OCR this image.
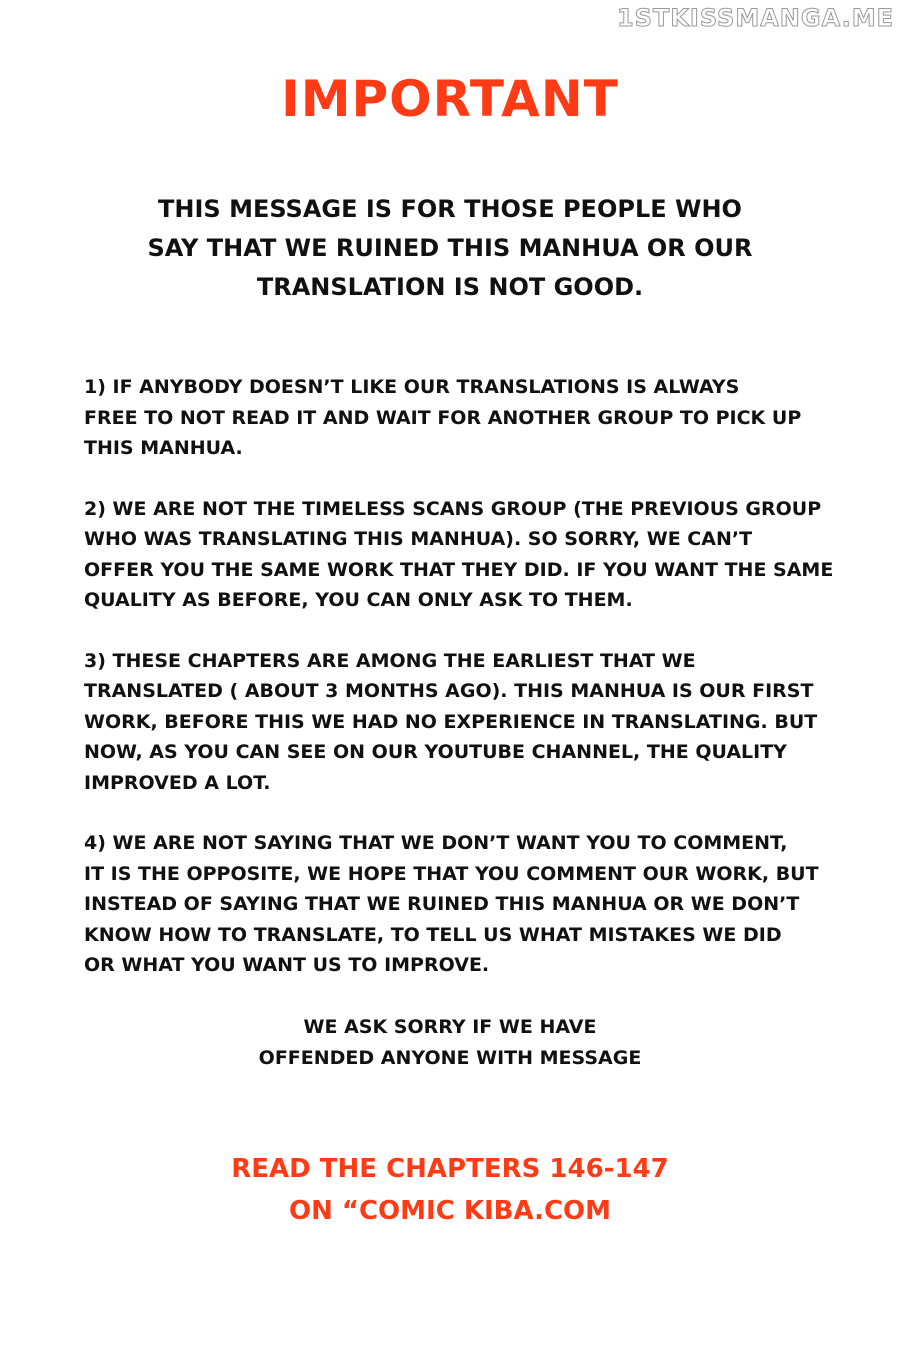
1STKISSMANGA.ME
IMPORTANT
THIS MESSAGE IS FOR THOSE PEOPLE WHO
SAY THAT WE RUINED THIS MANHUA OR OUR
TRANSLATION IS NOT GOOD.
1) IF ANYBODY DOESN’T LIKE OUR TRANSLATIONS IS ALWAYS
FREE TO NOT READ IT AND WAIT FOR ANOTHER GROUP TO PICK UP
THIS MANHUA.
2) WE ARE NOT THE TIMELESS SCANS GROUP (THE PREVIOUS GROUP
WHO WAS TRANSLATING THIS MANHUA). SO SORRY, WE CAN’T
OFFER YOU THE SAME WORK THAT THEY DID. IF YOU WANT THE SAME
QUALITY AS BEFORE, YOU CAN ONLY ASK TO THEM.
3) THESE CHAPTERS ARE AMONG THE EARLIEST THAT WE
TRANSLATED ( ABOUT 3 MONTHS AGO). THIS MANHUA IS OUR FIRST
WORK, BEFORE THIS WE HAD NO EXPERIENCE IN TRANSLATING. BUT
NOW, AS YOU CAN SEE ON OUR YOUTUBE CHANNEL, THE QUALITY
IMPROVED A LOT.
4) WE ARE NOT SAYING THAT WE DON’T WANT YOU TO COMMENT,
IT IS THE OPPOSITE, WE HOPE THAT YOU COMMENT OUR WORK, BUT
INSTEAD OF SAYING THAT WE RUINED THIS MANHUA OR WE DON’T
KNOW HOW TO TRANSLATE, TO TELL US WHAT MISTAKES WE DID
OR WHAT YOU WANT US TO IMPROVE.
WE ASK SORRY IF WE HAVE
OFFENDED ANYONE WITH MESSAGE
READ THE CHAPTERS 146-147
ON “COMIC KIBA.COM
